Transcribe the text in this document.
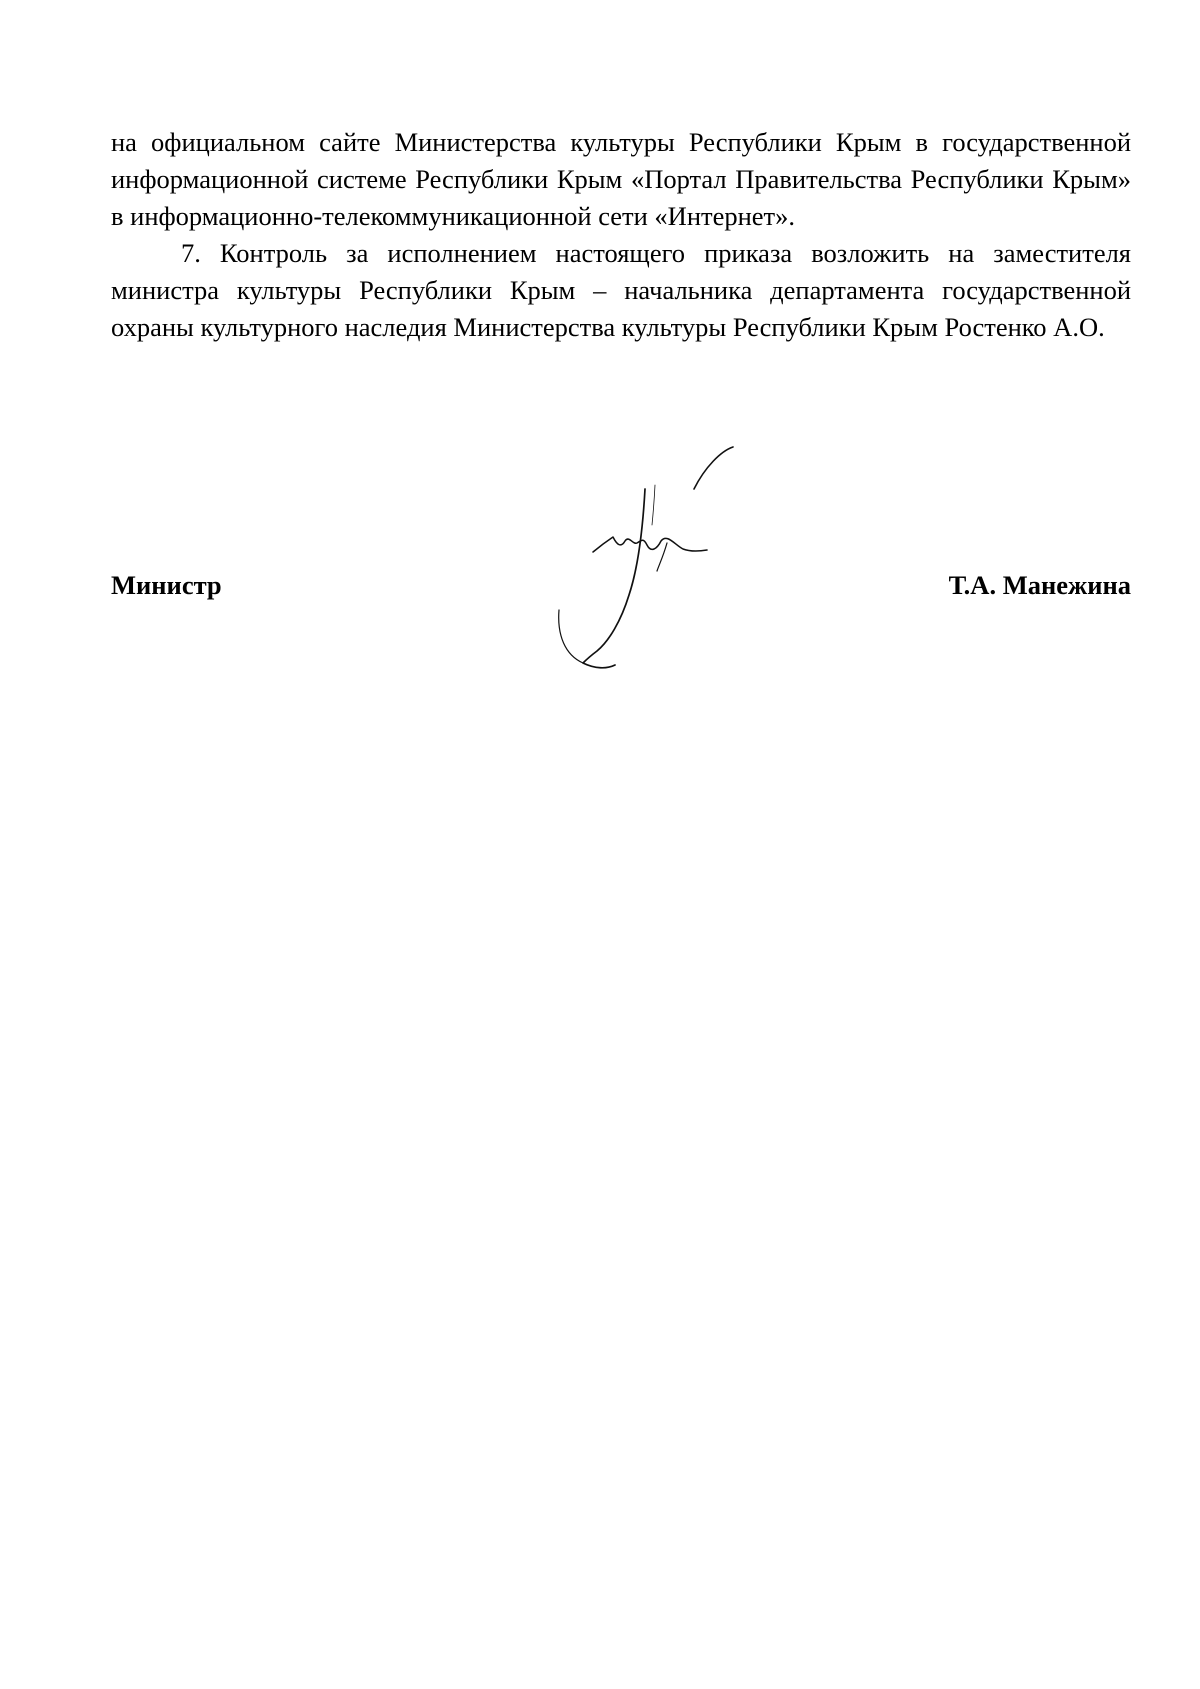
на официальном сайте Министерства культуры Республики Крым в государственной информационной системе Республики Крым «Портал Правительства Республики Крым» в информационно-телекоммуникационной сети «Интернет».

7. Контроль за исполнением настоящего приказа возложить на заместителя министра культуры Республики Крым – начальника департамента государственной охраны культурного наследия Министерства культуры Республики Крым Ростенко А.О.

Министр	Т.А. Манежина
